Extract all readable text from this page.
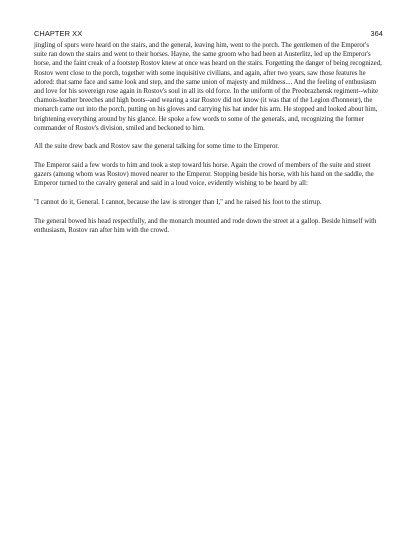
CHAPTER XX	364

jingling of spurs were heard on the stairs, and the general, leaving him, went to the porch. The gentlemen of the Emperor's suite ran down the stairs and went to their horses. Hayne, the same groom who had been at Austerlitz, led up the Emperor's horse, and the faint creak of a footstep Rostov knew at once was heard on the stairs. Forgetting the danger of being recognized, Rostov went close to the porch, together with some inquisitive civilians, and again, after two years, saw those features he adored: that same face and same look and step, and the same union of majesty and mildness.... And the feeling of enthusiasm and love for his sovereign rose again in Rostov's soul in all its old force. In the uniform of the Preobrazhensk regiment--white chamois-leather breeches and high boots--and wearing a star Rostov did not know (it was that of the Legion d'honneur), the monarch came out into the porch, putting on his gloves and carrying his hat under his arm. He stopped and looked about him, brightening everything around by his glance. He spoke a few words to some of the generals, and, recognizing the former commander of Rostov's division, smiled and beckoned to him.

All the suite drew back and Rostov saw the general talking for some time to the Emperor.

The Emperor said a few words to him and took a step toward his horse. Again the crowd of members of the suite and street gazers (among whom was Rostov) moved nearer to the Emperor. Stopping beside his horse, with his hand on the saddle, the Emperor turned to the cavalry general and said in a loud voice, evidently wishing to be heard by all:

"I cannot do it, General. I cannot, because the law is stronger than I," and he raised his foot to the stirrup.

The general bowed his head respectfully, and the monarch mounted and rode down the street at a gallop. Beside himself with enthusiasm, Rostov ran after him with the crowd.
